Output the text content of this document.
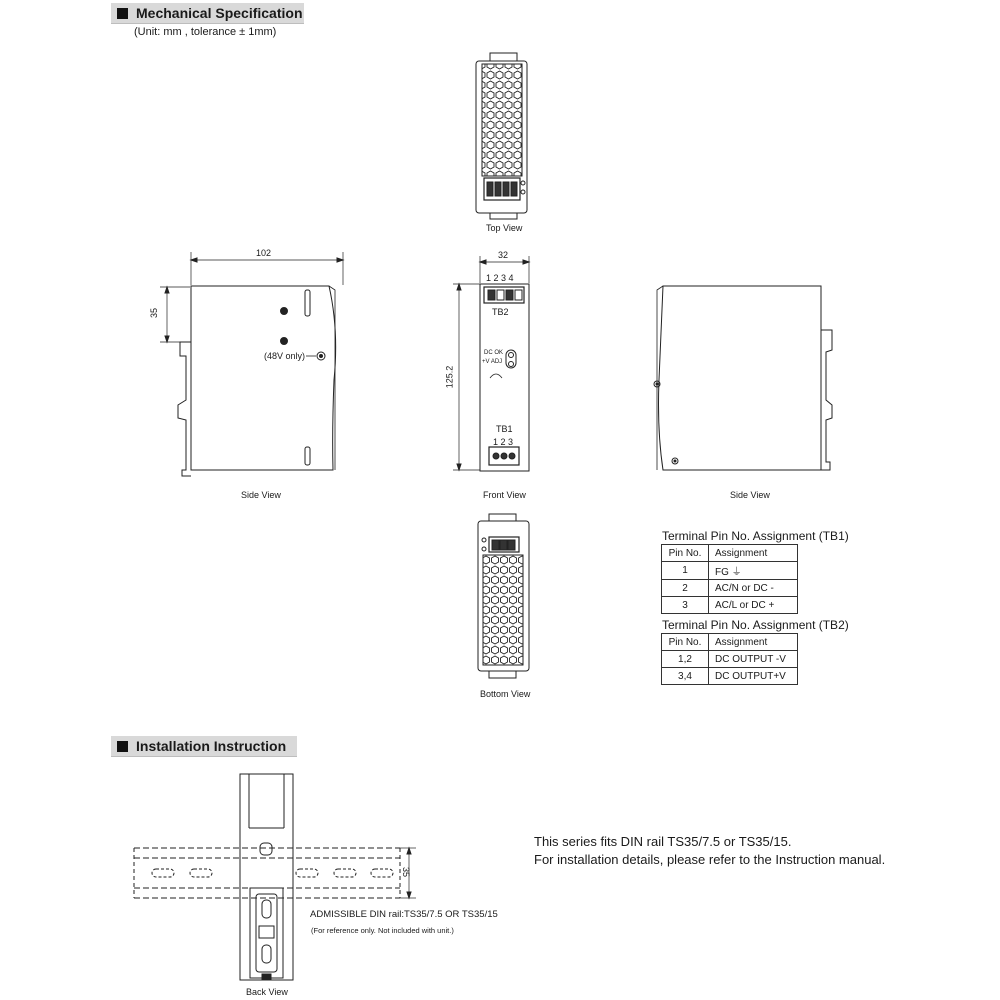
Mechanical Specification
(Unit: mm , tolerance ± 1mm)
Installation Instruction
Top View
Side View	Front View	Side View
Bottom View
102
35
32
125.2
(48V only)
1 2 3 4
TB2
DC OK
+V ADJ
TB1
1 2 3
Terminal Pin No. Assignment (TB1)
Pin No.	Assignment
1	FG ⏚
2	AC/N or DC -
3	AC/L or DC +
Terminal Pin No. Assignment (TB2)
Pin No.	Assignment
1,2	DC OUTPUT -V
3,4	DC OUTPUT+V
35
ADMISSIBLE DIN rail:TS35/7.5 OR TS35/15
(For reference only. Not included with unit.)
Back View
This series fits DIN rail TS35/7.5 or TS35/15.
For installation details, please refer to the Instruction manual.
